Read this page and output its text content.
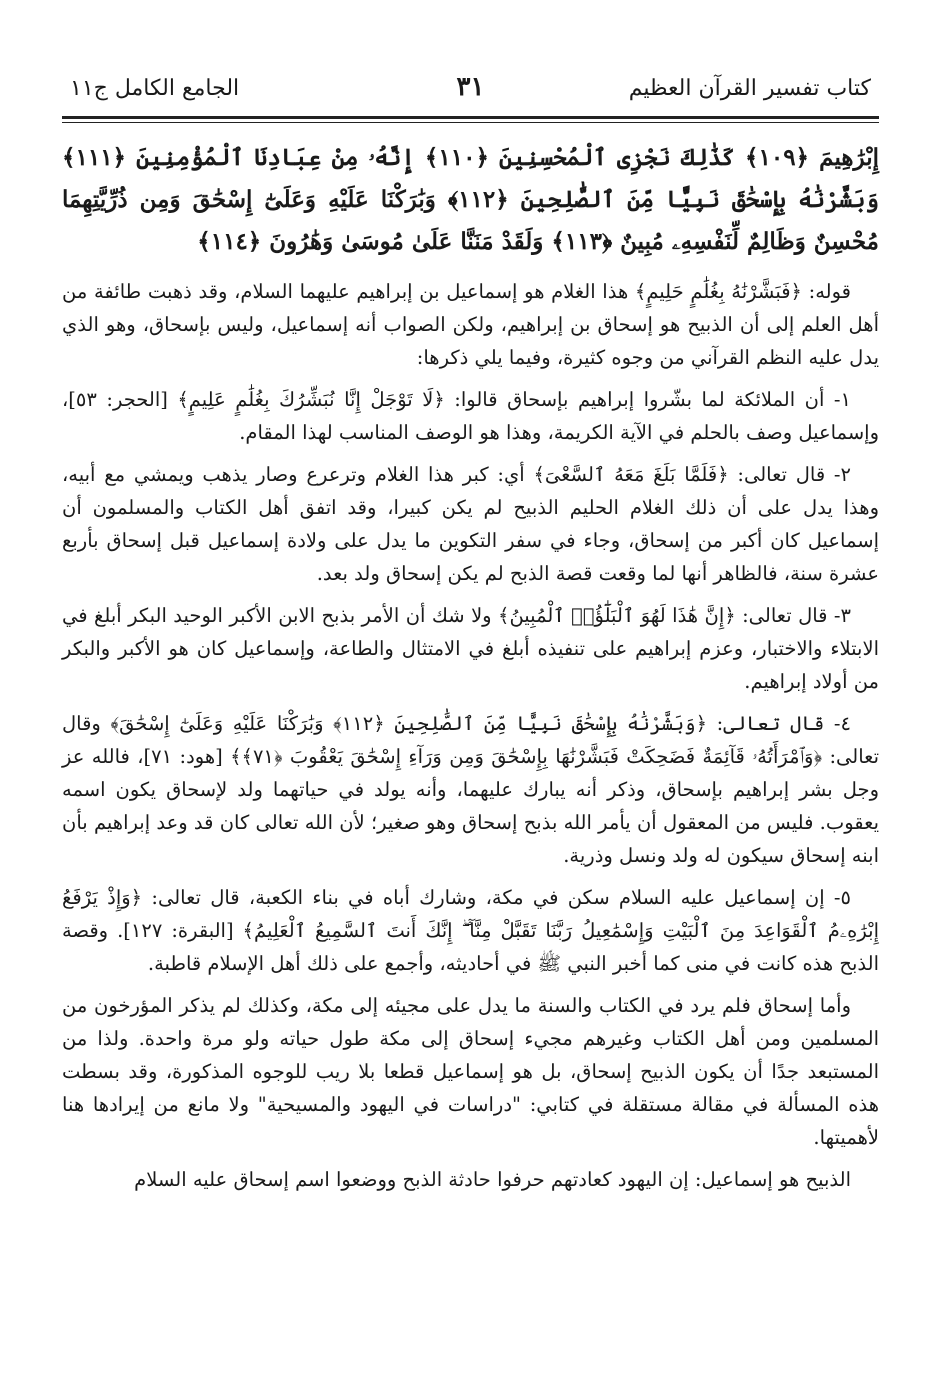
كتاب تفسير القرآن العظيم
٣١
الجامع الكامل ج١١
إِبْرَٰهِيمَ ﴿١٠٩﴾ كَذَٰلِكَ نَجْزِى ٱلْمُحْسِنِينَ ﴿١١٠﴾ إِنَّهُۥ مِنْ عِبَادِنَا ٱلْمُؤْمِنِينَ ﴿١١١﴾ وَبَشَّرْنَٰهُ بِإِسْحَٰقَ نَبِيًّا مِّنَ ٱلصَّٰلِحِينَ ﴿١١٢﴾ وَبَٰرَكْنَا عَلَيْهِ وَعَلَىٰٓ إِسْحَٰقَ وَمِن ذُرِّيَّتِهِمَا مُحْسِنٌ وَظَالِمٌ لِّنَفْسِهِۦ مُبِينٌ ﴿١١٣﴾ وَلَقَدْ مَنَنَّا عَلَىٰ مُوسَىٰ وَهَٰرُونَ ﴿١١٤﴾

قوله: ﴿فَبَشَّرْنَٰهُ بِغُلَٰمٍ حَلِيمٍ﴾ هذا الغلام هو إسماعيل بن إبراهيم عليهما السلام، وقد ذهبت طائفة من أهل العلم إلى أن الذبيح هو إسحاق بن إبراهيم، ولكن الصواب أنه إسماعيل، وليس بإسحاق، وهو الذي يدل عليه النظم القرآني من وجوه كثيرة، وفيما يلي ذكرها:

١- أن الملائكة لما بشّروا إبراهيم بإسحاق قالوا: ﴿لَا تَوْجَلْ إِنَّا نُبَشِّرُكَ بِغُلَٰمٍ عَلِيمٍ﴾ [الحجر: ٥٣]، وإسماعيل وصف بالحلم في الآية الكريمة، وهذا هو الوصف المناسب لهذا المقام.

٢- قال تعالى: ﴿فَلَمَّا بَلَغَ مَعَهُ ٱلسَّعْىَ﴾ أي: كبر هذا الغلام وترعرع وصار يذهب ويمشي مع أبيه، وهذا يدل على أن ذلك الغلام الحليم الذبيح لم يكن كبيرا، وقد اتفق أهل الكتاب والمسلمون أن إسماعيل كان أكبر من إسحاق، وجاء في سفر التكوين ما يدل على ولادة إسماعيل قبل إسحاق بأربع عشرة سنة، فالظاهر أنها لما وقعت قصة الذبح لم يكن إسحاق ولد بعد.

٣- قال تعالى: ﴿إِنَّ هَٰذَا لَهُوَ ٱلْبَلَٰٓؤُا۟ ٱلْمُبِينُ﴾ ولا شك أن الأمر بذبح الابن الأكبر الوحيد البكر أبلغ في الابتلاء والاختبار، وعزم إبراهيم على تنفيذه أبلغ في الامتثال والطاعة، وإسماعيل كان هو الأكبر والبكر من أولاد إبراهيم.

٤- قال تعالى: ﴿وَبَشَّرْنَٰهُ بِإِسْحَٰقَ نَبِيًّا مِّنَ ٱلصَّٰلِحِينَ ﴿١١٢﴾ وَبَٰرَكْنَا عَلَيْهِ وَعَلَىٰٓ إِسْحَٰقَ﴾ وقال تعالى: ﴿وَٱمْرَأَتُهُۥ قَآئِمَةٌ فَضَحِكَتْ فَبَشَّرْنَٰهَا بِإِسْحَٰقَ وَمِن وَرَآءِ إِسْحَٰقَ يَعْقُوبَ ﴿٧١﴾﴾ [هود: ٧١]، فالله عز وجل بشر إبراهيم بإسحاق، وذكر أنه يبارك عليهما، وأنه يولد في حياتهما ولد لإسحاق يكون اسمه يعقوب. فليس من المعقول أن يأمر الله بذبح إسحاق وهو صغير؛ لأن الله تعالى كان قد وعد إبراهيم بأن ابنه إسحاق سيكون له ولد ونسل وذرية.

٥- إن إسماعيل عليه السلام سكن في مكة، وشارك أباه في بناء الكعبة، قال تعالى: ﴿وَإِذْ يَرْفَعُ إِبْرَٰهِۦمُ ٱلْقَوَاعِدَ مِنَ ٱلْبَيْتِ وَإِسْمَٰعِيلُ رَبَّنَا تَقَبَّلْ مِنَّآ ۖ إِنَّكَ أَنتَ ٱلسَّمِيعُ ٱلْعَلِيمُ﴾ [البقرة: ١٢٧]. وقصة الذبح هذه كانت في منى كما أخبر النبي ﷺ في أحاديثه، وأجمع على ذلك أهل الإسلام قاطبة.

وأما إسحاق فلم يرد في الكتاب والسنة ما يدل على مجيئه إلى مكة، وكذلك لم يذكر المؤرخون من المسلمين ومن أهل الكتاب وغيرهم مجيء إسحاق إلى مكة طول حياته ولو مرة واحدة. ولذا من المستبعد جدًا أن يكون الذبيح إسحاق، بل هو إسماعيل قطعا بلا ريب للوجوه المذكورة، وقد بسطت هذه المسألة في مقالة مستقلة في كتابي: "دراسات في اليهود والمسيحية" ولا مانع من إيرادها هنا لأهميتها.

الذبيح هو إسماعيل: إن اليهود كعادتهم حرفوا حادثة الذبح ووضعوا اسم إسحاق عليه السلام
